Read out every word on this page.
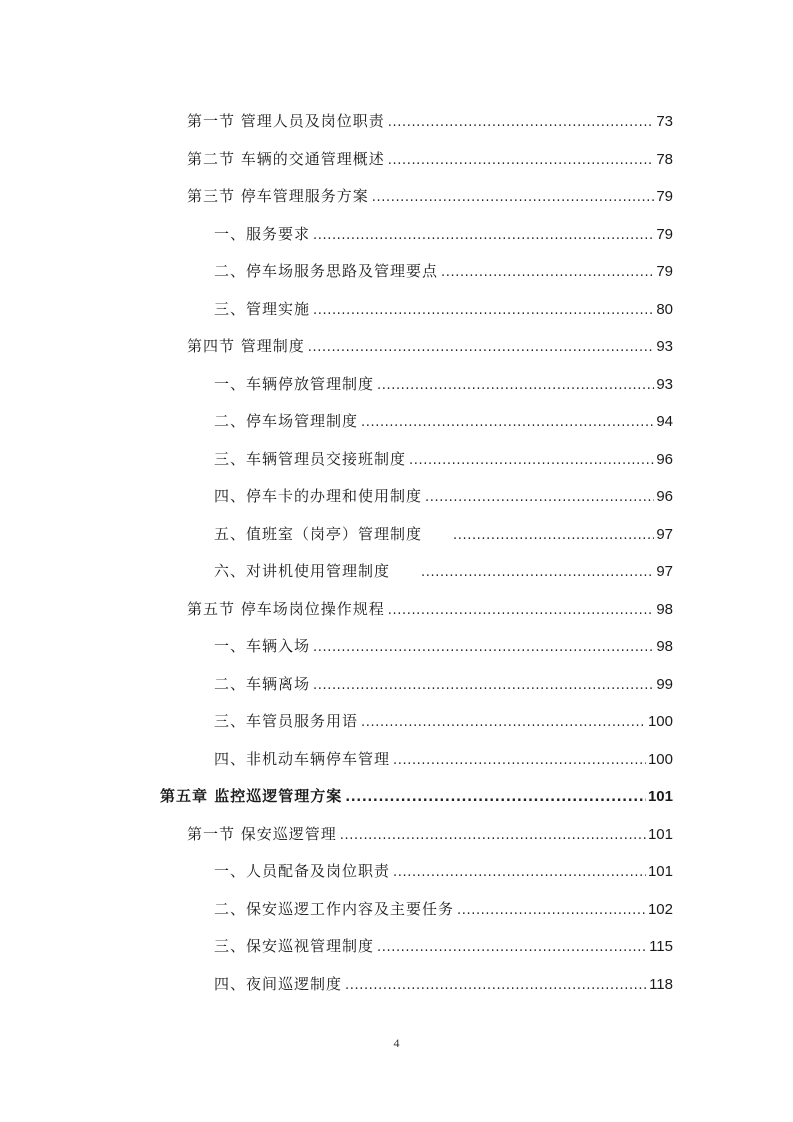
第一节 管理人员及岗位职责 .....	73
第二节 车辆的交通管理概述 .....	78
第三节 停车管理服务方案 .....	79
一、服务要求 .....	79
二、停车场服务思路及管理要点 .....	79
三、管理实施 .....	80
第四节 管理制度 .....	93
一、车辆停放管理制度 .....	93
二、停车场管理制度 .....	94
三、车辆管理员交接班制度 .....	96
四、停车卡的办理和使用制度 .....	96
五、值班室（岗亭）管理制度 .....	97
六、对讲机使用管理制度 .....	97
第五节 停车场岗位操作规程 .....	98
一、车辆入场 .....	98
二、车辆离场 .....	99
三、车管员服务用语 .....	100
四、非机动车辆停车管理 .....	100
第五章 监控巡逻管理方案 .....	101
第一节 保安巡逻管理 .....	101
一、人员配备及岗位职责 .....	101
二、保安巡逻工作内容及主要任务 .....	102
三、保安巡视管理制度 .....	115
四、夜间巡逻制度 .....	118
4
